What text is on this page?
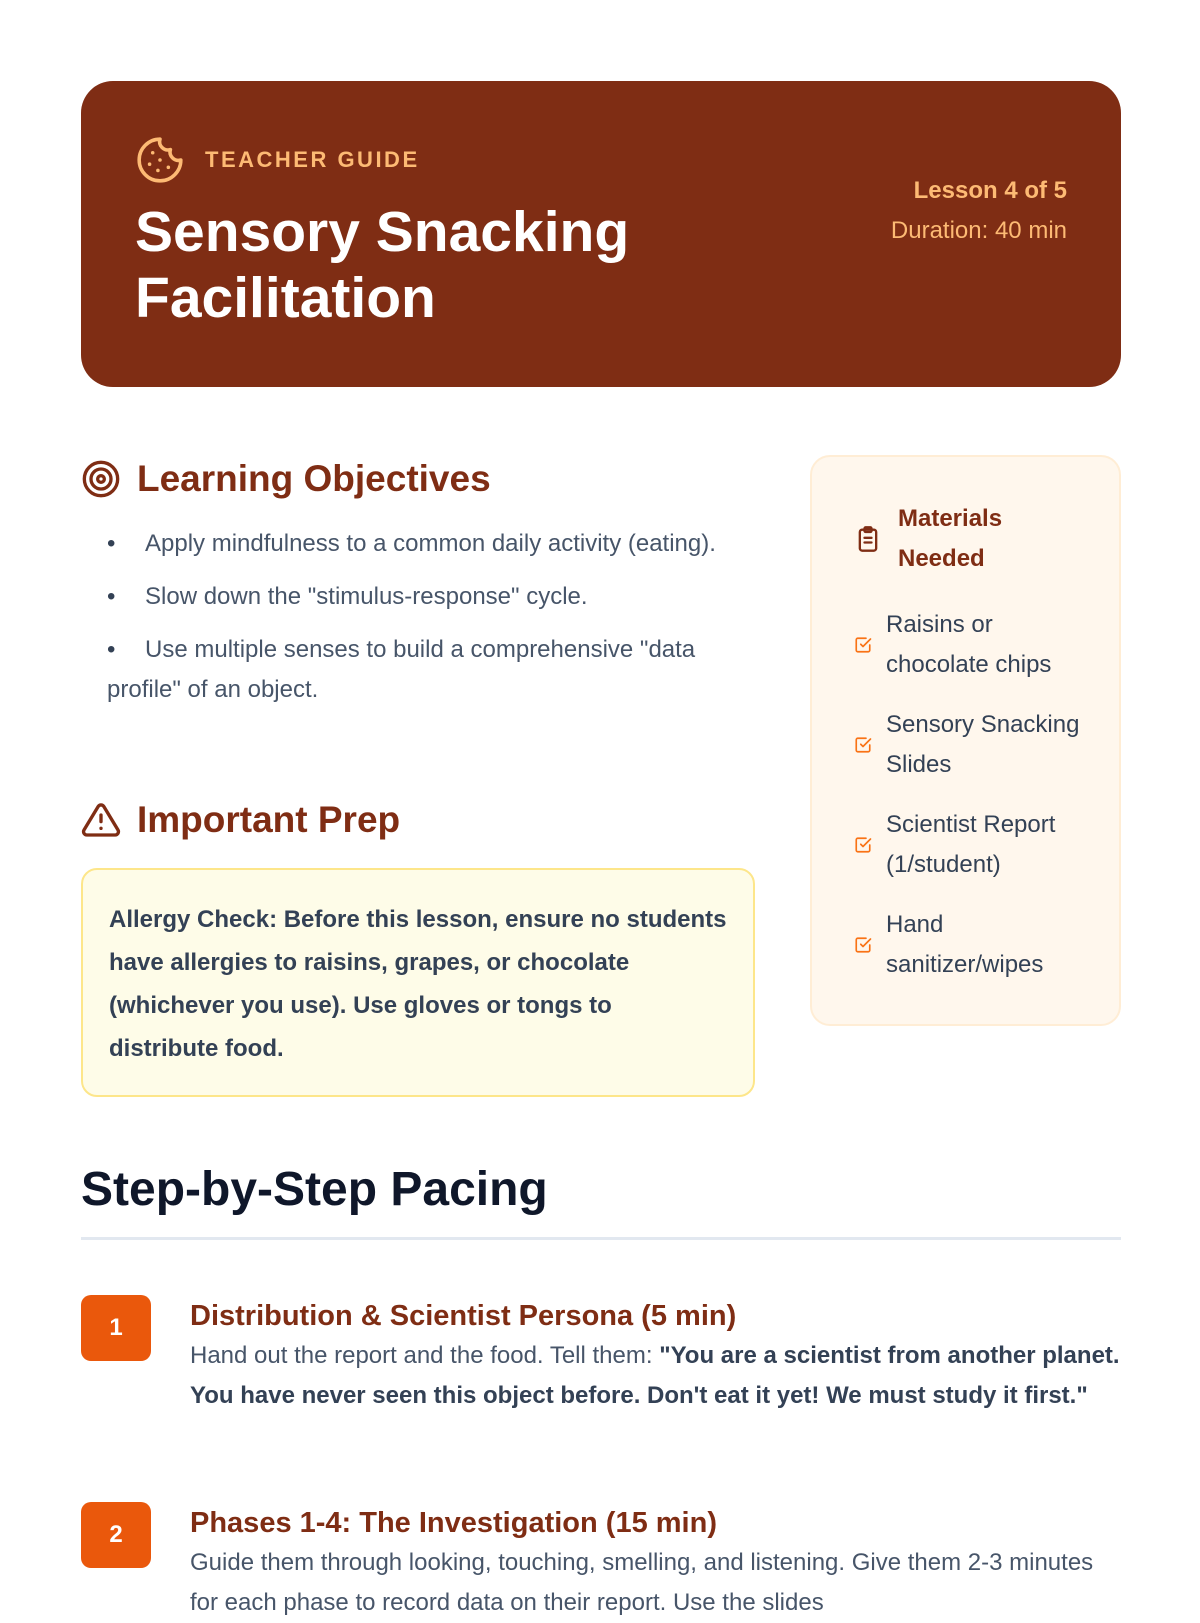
TEACHER GUIDE
Sensory Snacking Facilitation
Lesson 4 of 5
Duration: 40 min
Learning Objectives
• Apply mindfulness to a common daily activity (eating).
• Slow down the "stimulus-response" cycle.
• Use multiple senses to build a comprehensive "data profile" of an object.
Important Prep
Allergy Check: Before this lesson, ensure no students have allergies to raisins, grapes, or chocolate (whichever you use). Use gloves or tongs to distribute food.
Materials Needed
Raisins or chocolate chips
Sensory Snacking Slides
Scientist Report (1/student)
Hand sanitizer/wipes
Step-by-Step Pacing
1	Distribution & Scientist Persona (5 min)
Hand out the report and the food. Tell them: "You are a scientist from another planet. You have never seen this object before. Don't eat it yet! We must study it first."
2	Phases 1-4: The Investigation (15 min)
Guide them through looking, touching, smelling, and listening. Give them 2-3 minutes for each phase to record data on their report. Use the slides
